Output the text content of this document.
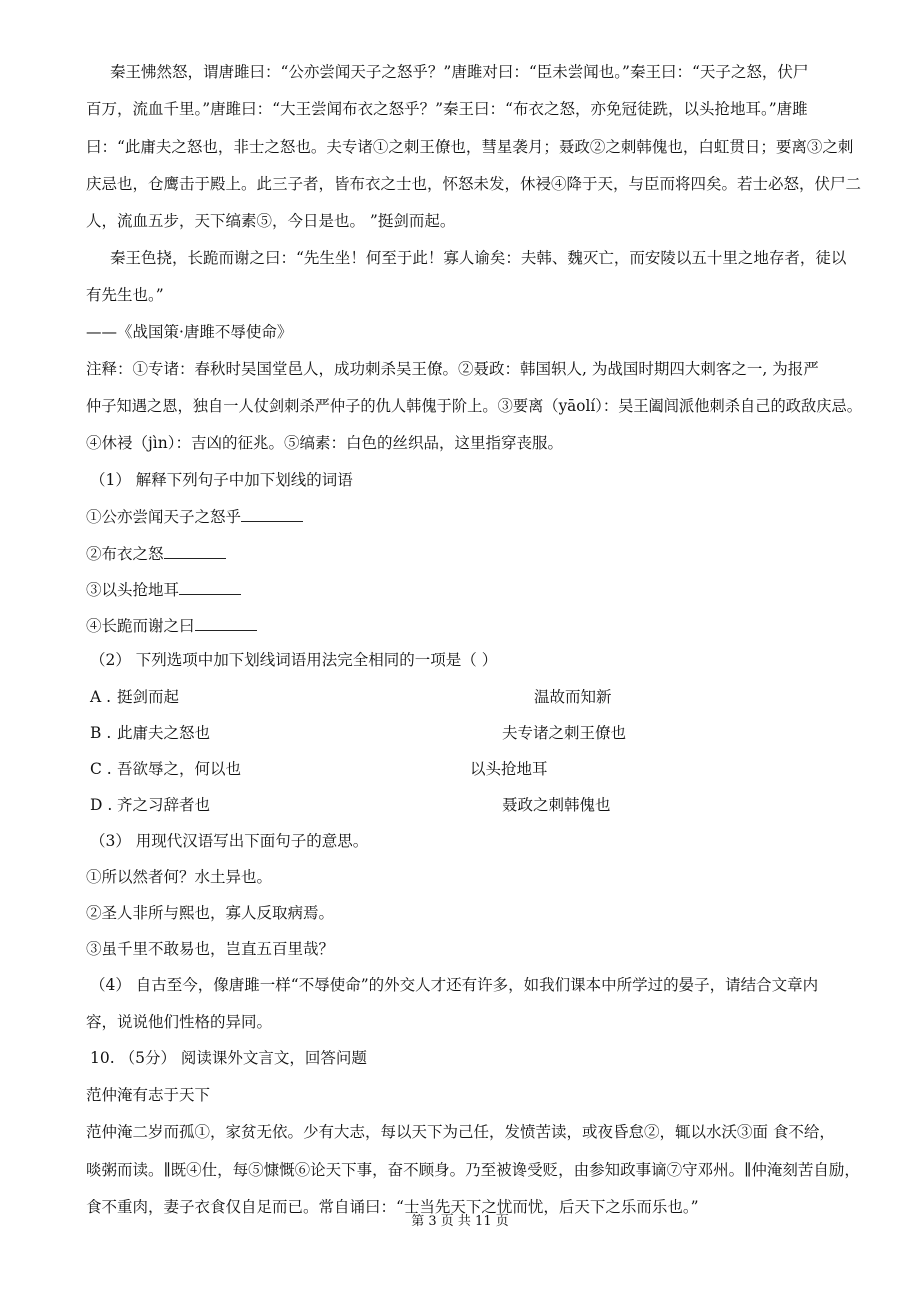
秦王怫然怒，谓唐雎曰：“公亦尝闻天子之怒乎？”唐雎对曰：“臣未尝闻也。”秦王曰：“天子之怒，伏尸
百万，流血千里。”唐雎曰：“大王尝闻布衣之怒乎？”秦王曰：“布衣之怒，亦免冠徒跣，以头抢地耳。”唐雎
曰：“此庸夫之怒也，非士之怒也。夫专诸①之刺王僚也，彗星袭月；聂政②之刺韩傀也，白虹贯日；要离③之刺
庆忌也，仓鹰击于殿上。此三子者，皆布衣之士也，怀怒未发，休祲④降于天，与臣而将四矣。若士必怒，伏尸二
人，流血五步，天下缟素⑤，今日是也。 ”挺剑而起。
秦王色挠，长跪而谢之曰：“先生坐！何至于此！寡人谕矣：夫韩、魏灭亡，而安陵以五十里之地存者，徒以
有先生也。”
——《战国策·唐雎不辱使命》
注释：①专诸：春秋时吴国堂邑人，成功刺杀吴王僚。②聂政：韩国轵人, 为战国时期四大刺客之一, 为报严
仲子知遇之恩，独自一人仗剑刺杀严仲子的仇人韩傀于阶上。③要离（yāolí）：吴王阖闾派他刺杀自己的政敌庆忌。
④休祲（jìn）：吉凶的征兆。⑤缟素：白色的丝织品，这里指穿丧服。
（1） 解释下列句子中加下划线的词语
①公亦尝闻天子之怒乎
②布衣之怒
③以头抢地耳
④长跪而谢之曰
（2） 下列选项中加下划线词语用法完全相同的一项是（ ）
A . 挺剑而起	温故而知新
B . 此庸夫之怒也	夫专诸之刺王僚也
C . 吾欲辱之，何以也	以头抢地耳
D . 齐之习辞者也	聂政之刺韩傀也
（3） 用现代汉语写出下面句子的意思。
①所以然者何？水土异也。
②圣人非所与熙也，寡人反取病焉。
③虽千里不敢易也，岂直五百里哉？
（4） 自古至今，像唐雎一样“不辱使命”的外交人才还有许多，如我们课本中所学过的晏子，请结合文章内
容，说说他们性格的异同。
10. （5分） 阅读课外文言文，回答问题
范仲淹有志于天下
范仲淹二岁而孤①，家贫无依。少有大志，每以天下为己任，发愤苦读，或夜昏怠②，辄以水沃③面 食不给，
啖粥而读。∥既④仕，每⑤慷慨⑥论天下事，奋不顾身。乃至被谗受贬，由参知政事谪⑦守邓州。∥仲淹刻苦自励，
食不重肉，妻子衣食仅自足而已。常自诵曰：“士当先天下之忧而忧，后天下之乐而乐也。”
第 3 页 共 11 页
